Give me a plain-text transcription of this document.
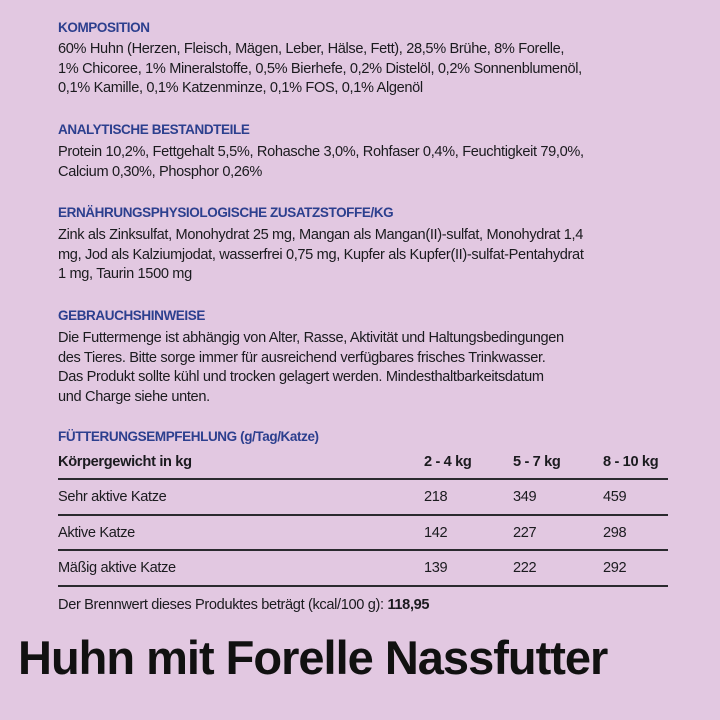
KOMPOSITION
60% Huhn (Herzen, Fleisch, Mägen, Leber, Hälse, Fett), 28,5% Brühe, 8% Forelle,
1% Chicoree, 1% Mineralstoffe, 0,5% Bierhefe, 0,2% Distelöl, 0,2% Sonnenblumenöl,
0,1% Kamille, 0,1% Katzenminze, 0,1% FOS, 0,1% Algenöl
ANALYTISCHE BESTANDTEILE
Protein 10,2%, Fettgehalt 5,5%, Rohasche 3,0%, Rohfaser 0,4%, Feuchtigkeit 79,0%,
Calcium 0,30%, Phosphor 0,26%
ERNÄHRUNGSPHYSIOLOGISCHE ZUSATZSTOFFE/KG
Zink als Zinksulfat, Monohydrat 25 mg, Mangan als Mangan(II)-sulfat, Monohydrat 1,4
mg, Jod als Kalziumjodat, wasserfrei 0,75 mg, Kupfer als Kupfer(II)-sulfat-Pentahydrat
1 mg, Taurin 1500 mg
GEBRAUCHSHINWEISE
Die Futtermenge ist abhängig von Alter, Rasse, Aktivität und Haltungsbedingungen
des Tieres. Bitte sorge immer für ausreichend verfügbares frisches Trinkwasser.
Das Produkt sollte kühl und trocken gelagert werden. Mindesthaltbarkeitsdatum
und Charge siehe unten.
FÜTTERUNGSEMPFEHLUNG (g/Tag/Katze)
Körpergewicht in kg	2 - 4 kg	5 - 7 kg	8 - 10 kg
Sehr aktive Katze	218	349	459
Aktive Katze	142	227	298
Mäßig aktive Katze	139	222	292
Der Brennwert dieses Produktes beträgt (kcal/100 g): 118,95
Huhn mit Forelle Nassfutter
